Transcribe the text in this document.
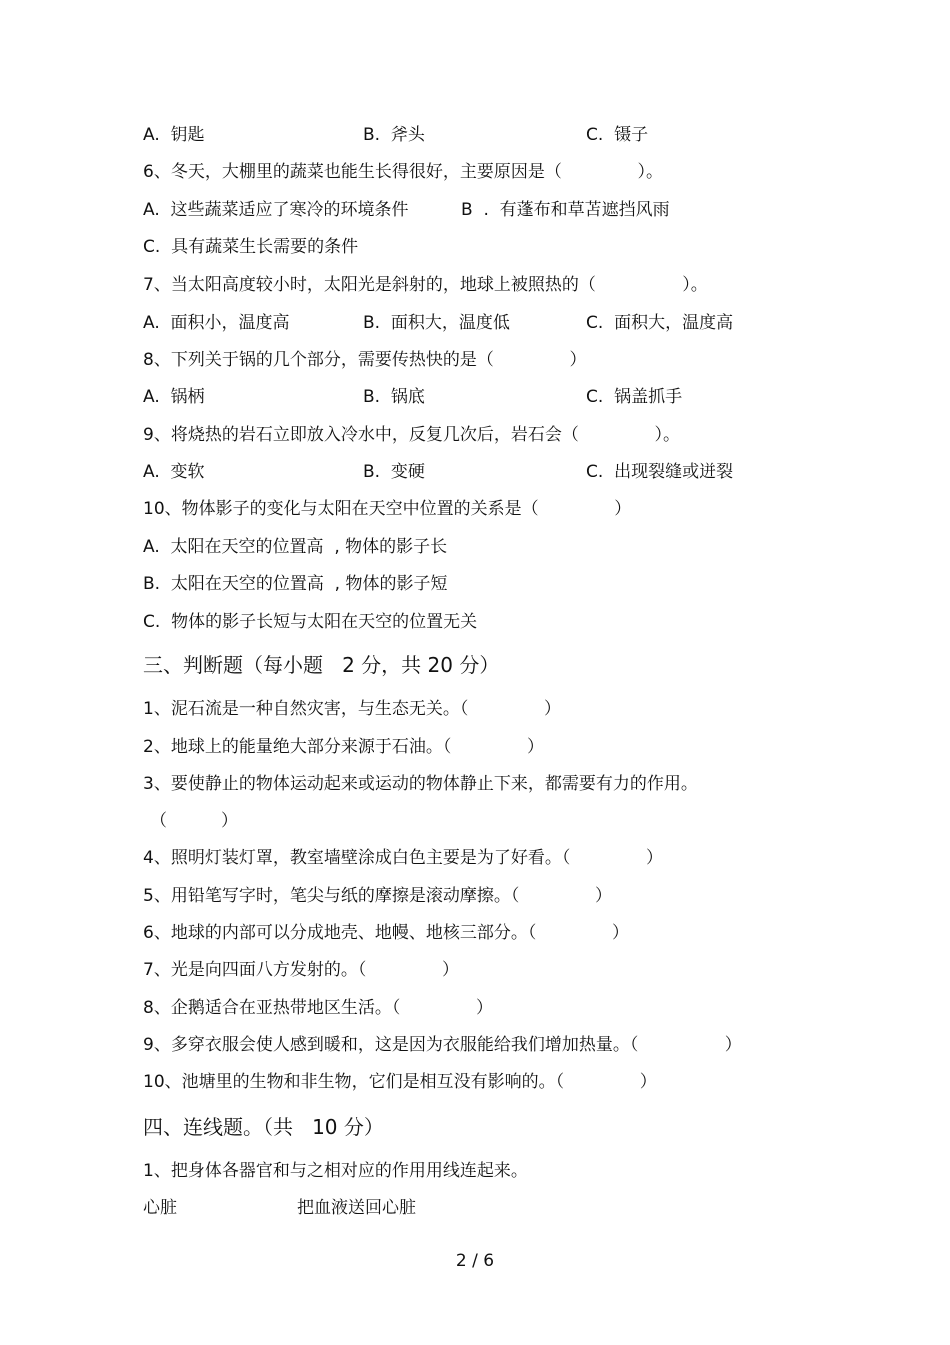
A.  钥匙	B.  斧头	C.  镊子
6、冬天，大棚里的蔬菜也能生长得很好，主要原因是（              ）。
A.  这些蔬菜适应了寒冷的环境条件	B  .  有蓬布和草苫遮挡风雨
C.  具有蔬菜生长需要的条件
7、当太阳高度较小时，太阳光是斜射的，地球上被照热的（                ）。
A.  面积小，温度高	B.  面积大，温度低	C.  面积大，温度高
8、下列关于锅的几个部分，需要传热快的是（              ）
A.  锅柄	B.  锅底	C.  锅盖抓手
9、将烧热的岩石立即放入冷水中，反复几次后，岩石会（              ）。
A.  变软	B.  变硬	C.  出现裂缝或迸裂
10、物体影子的变化与太阳在天空中位置的关系是（              ）
A.  太阳在天空的位置高  , 物体的影子长
B.  太阳在天空的位置高  , 物体的影子短
C.  物体的影子长短与太阳在天空的位置无关
三、判断题（每小题   2 分，共 20 分）
1、泥石流是一种自然灾害，与生态无关。（              ）
2、地球上的能量绝大部分来源于石油。（              ）
3、要使静止的物体运动起来或运动的物体静止下来，都需要有力的作用。
（          ）
4、照明灯装灯罩，教室墙壁涂成白色主要是为了好看。（              ）
5、用铅笔写字时，笔尖与纸的摩擦是滚动摩擦。（              ）
6、地球的内部可以分成地壳、地幔、地核三部分。（              ）
7、光是向四面八方发射的。（              ）
8、企鹅适合在亚热带地区生活。（              ）
9、多穿衣服会使人感到暖和，这是因为衣服能给我们增加热量。（                ）
10、池塘里的生物和非生物，它们是相互没有影响的。（              ）
四、连线题。（共   10 分）
1、把身体各器官和与之相对应的作用用线连起来。
心脏	把血液送回心脏
2 / 6
